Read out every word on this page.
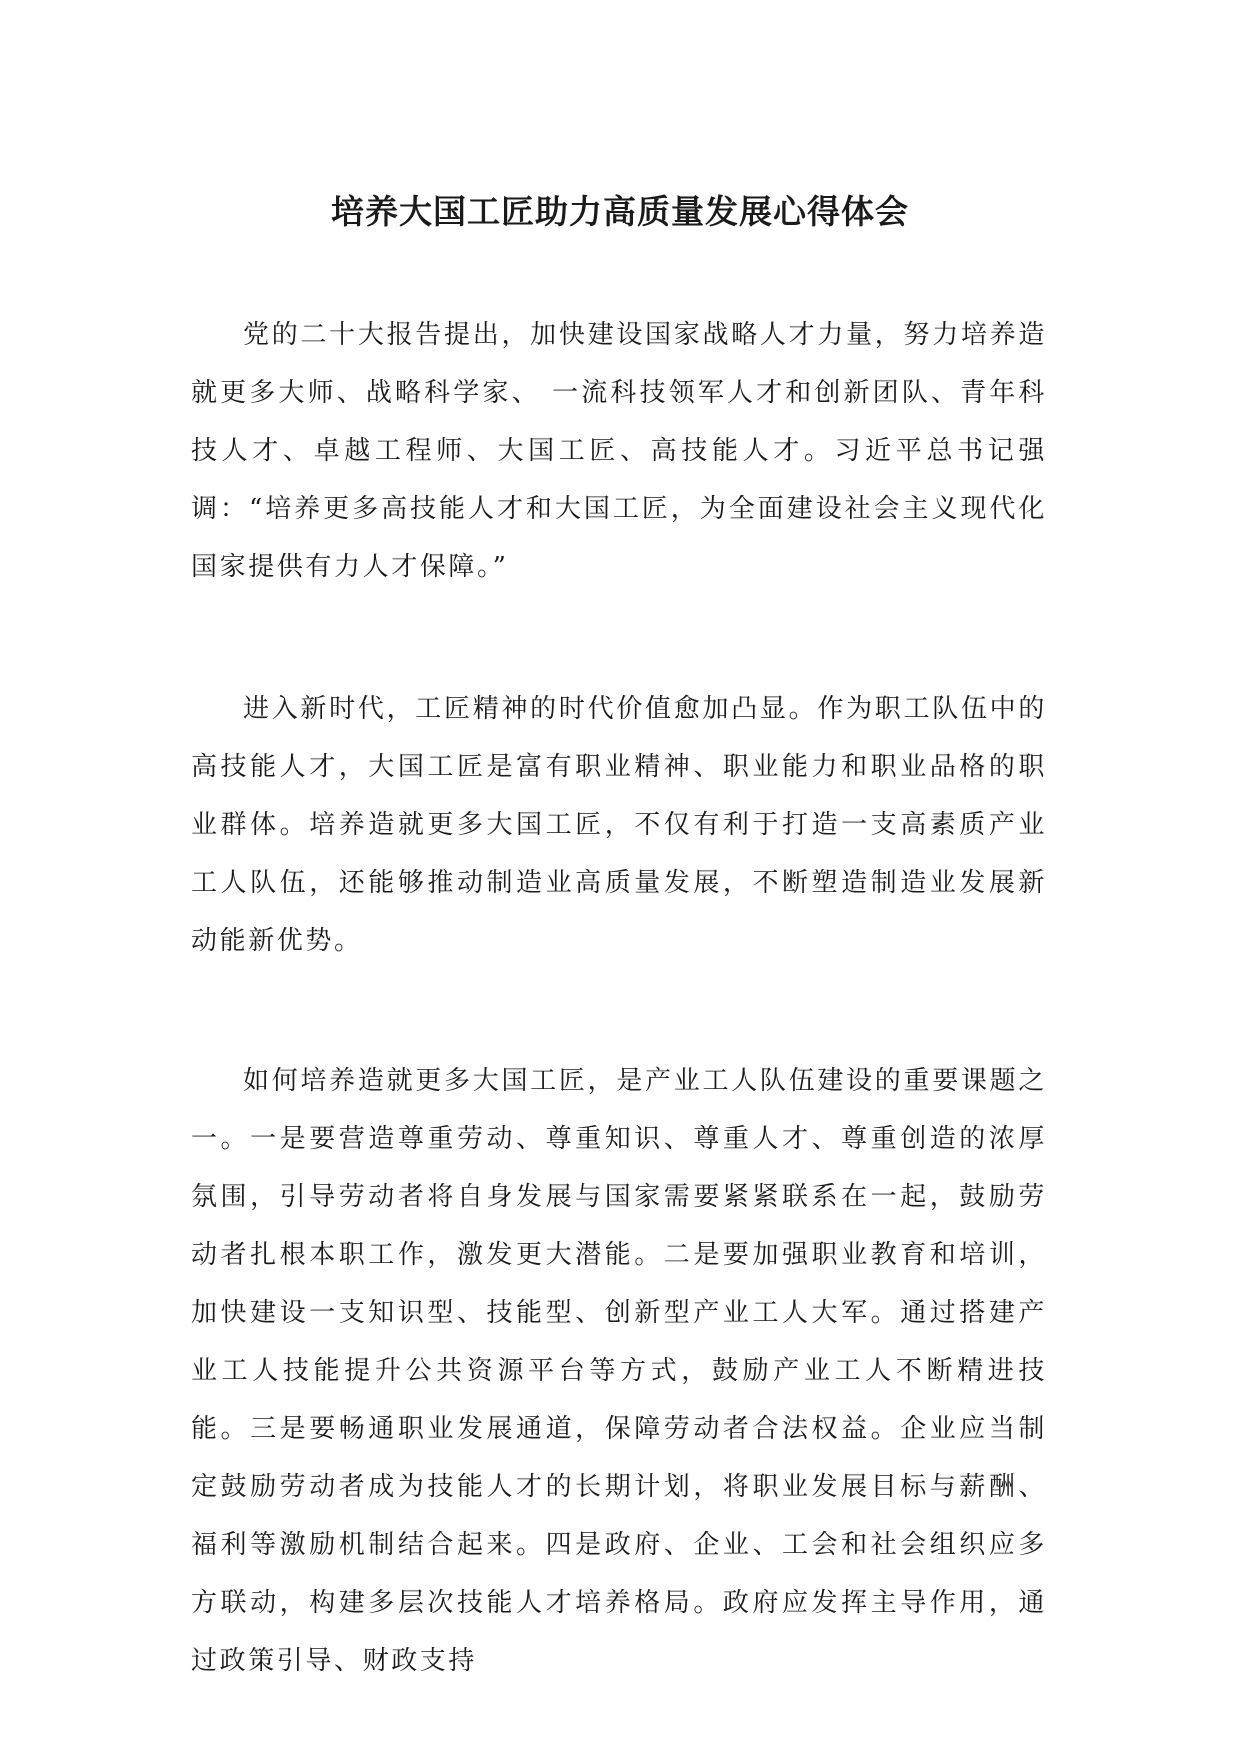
培养大国工匠助力高质量发展心得体会

党的二十大报告提出，加快建设国家战略人才力量，努力培养造就更多大师、战略科学家、 一流科技领军人才和创新团队、青年科技人才、卓越工程师、大国工匠、高技能人才。习近平总书记强调：“培养更多高技能人才和大国工匠，为全面建设社会主义现代化国家提供有力人才保障。”

进入新时代，工匠精神的时代价值愈加凸显。作为职工队伍中的高技能人才，大国工匠是富有职业精神、职业能力和职业品格的职业群体。培养造就更多大国工匠，不仅有利于打造一支高素质产业工人队伍，还能够推动制造业高质量发展，不断塑造制造业发展新动能新优势。

如何培养造就更多大国工匠，是产业工人队伍建设的重要课题之一。一是要营造尊重劳动、尊重知识、尊重人才、尊重创造的浓厚氛围，引导劳动者将自身发展与国家需要紧紧联系在一起，鼓励劳动者扎根本职工作，激发更大潜能。二是要加强职业教育和培训，加快建设一支知识型、技能型、创新型产业工人大军。通过搭建产业工人技能提升公共资源平台等方式，鼓励产业工人不断精进技能。三是要畅通职业发展通道，保障劳动者合法权益。企业应当制定鼓励劳动者成为技能人才的长期计划，将职业发展目标与薪酬、福利等激励机制结合起来。四是政府、企业、工会和社会组织应多方联动，构建多层次技能人才培养格局。政府应发挥主导作用，通过政策引导、财政支持
